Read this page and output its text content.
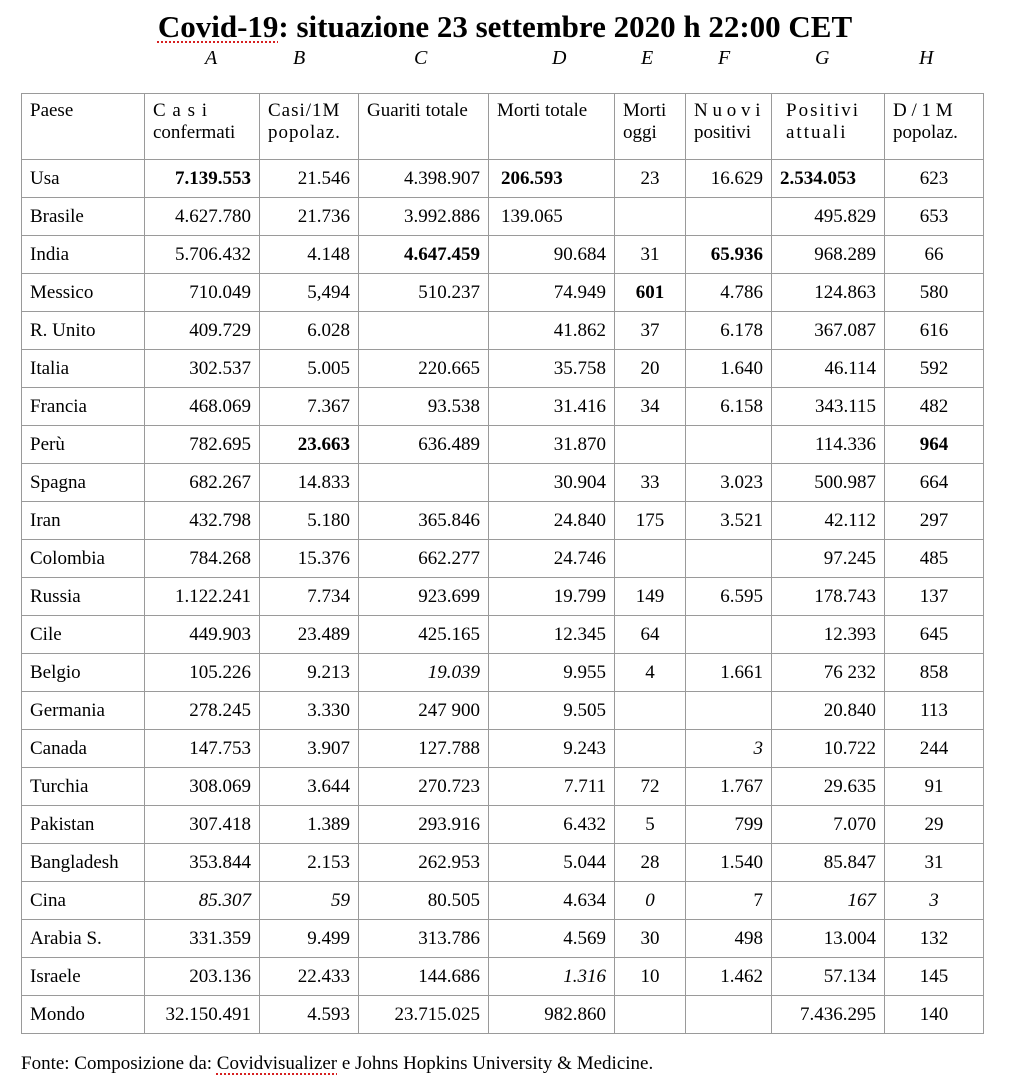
Covid-19: situazione 23 settembre 2020 h 22:00 CET
A	B	C	D	E	F	G	H
Paese	C a s i confermati	Casi/1M popolaz.	Guariti totale	Morti totale	Morti oggi	N u o v i positivi	Positivi attuali	D / 1 M popolaz.
Usa	7.139.553	21.546	4.398.907	206.593	23	16.629	2.534.053	623
Brasile	4.627.780	21.736	3.992.886	139.065			495.829	653
India	5.706.432	4.148	4.647.459	90.684	31	65.936	968.289	66
Messico	710.049	5,494	510.237	74.949	601	4.786	124.863	580
R. Unito	409.729	6.028		41.862	37	6.178	367.087	616
Italia	302.537	5.005	220.665	35.758	20	1.640	46.114	592
Francia	468.069	7.367	93.538	31.416	34	6.158	343.115	482
Perù	782.695	23.663	636.489	31.870			114.336	964
Spagna	682.267	14.833		30.904	33	3.023	500.987	664
Iran	432.798	5.180	365.846	24.840	175	3.521	42.112	297
Colombia	784.268	15.376	662.277	24.746			97.245	485
Russia	1.122.241	7.734	923.699	19.799	149	6.595	178.743	137
Cile	449.903	23.489	425.165	12.345	64		12.393	645
Belgio	105.226	9.213	19.039	9.955	4	1.661	76 232	858
Germania	278.245	3.330	247 900	9.505			20.840	113
Canada	147.753	3.907	127.788	9.243		3	10.722	244
Turchia	308.069	3.644	270.723	7.711	72	1.767	29.635	91
Pakistan	307.418	1.389	293.916	6.432	5	799	7.070	29
Bangladesh	353.844	2.153	262.953	5.044	28	1.540	85.847	31
Cina	85.307	59	80.505	4.634	0	7	167	3
Arabia S.	331.359	9.499	313.786	4.569	30	498	13.004	132
Israele	203.136	22.433	144.686	1.316	10	1.462	57.134	145
Mondo	32.150.491	4.593	23.715.025	982.860			7.436.295	140
Fonte: Composizione da: Covidvisualizer e Johns Hopkins University & Medicine.
